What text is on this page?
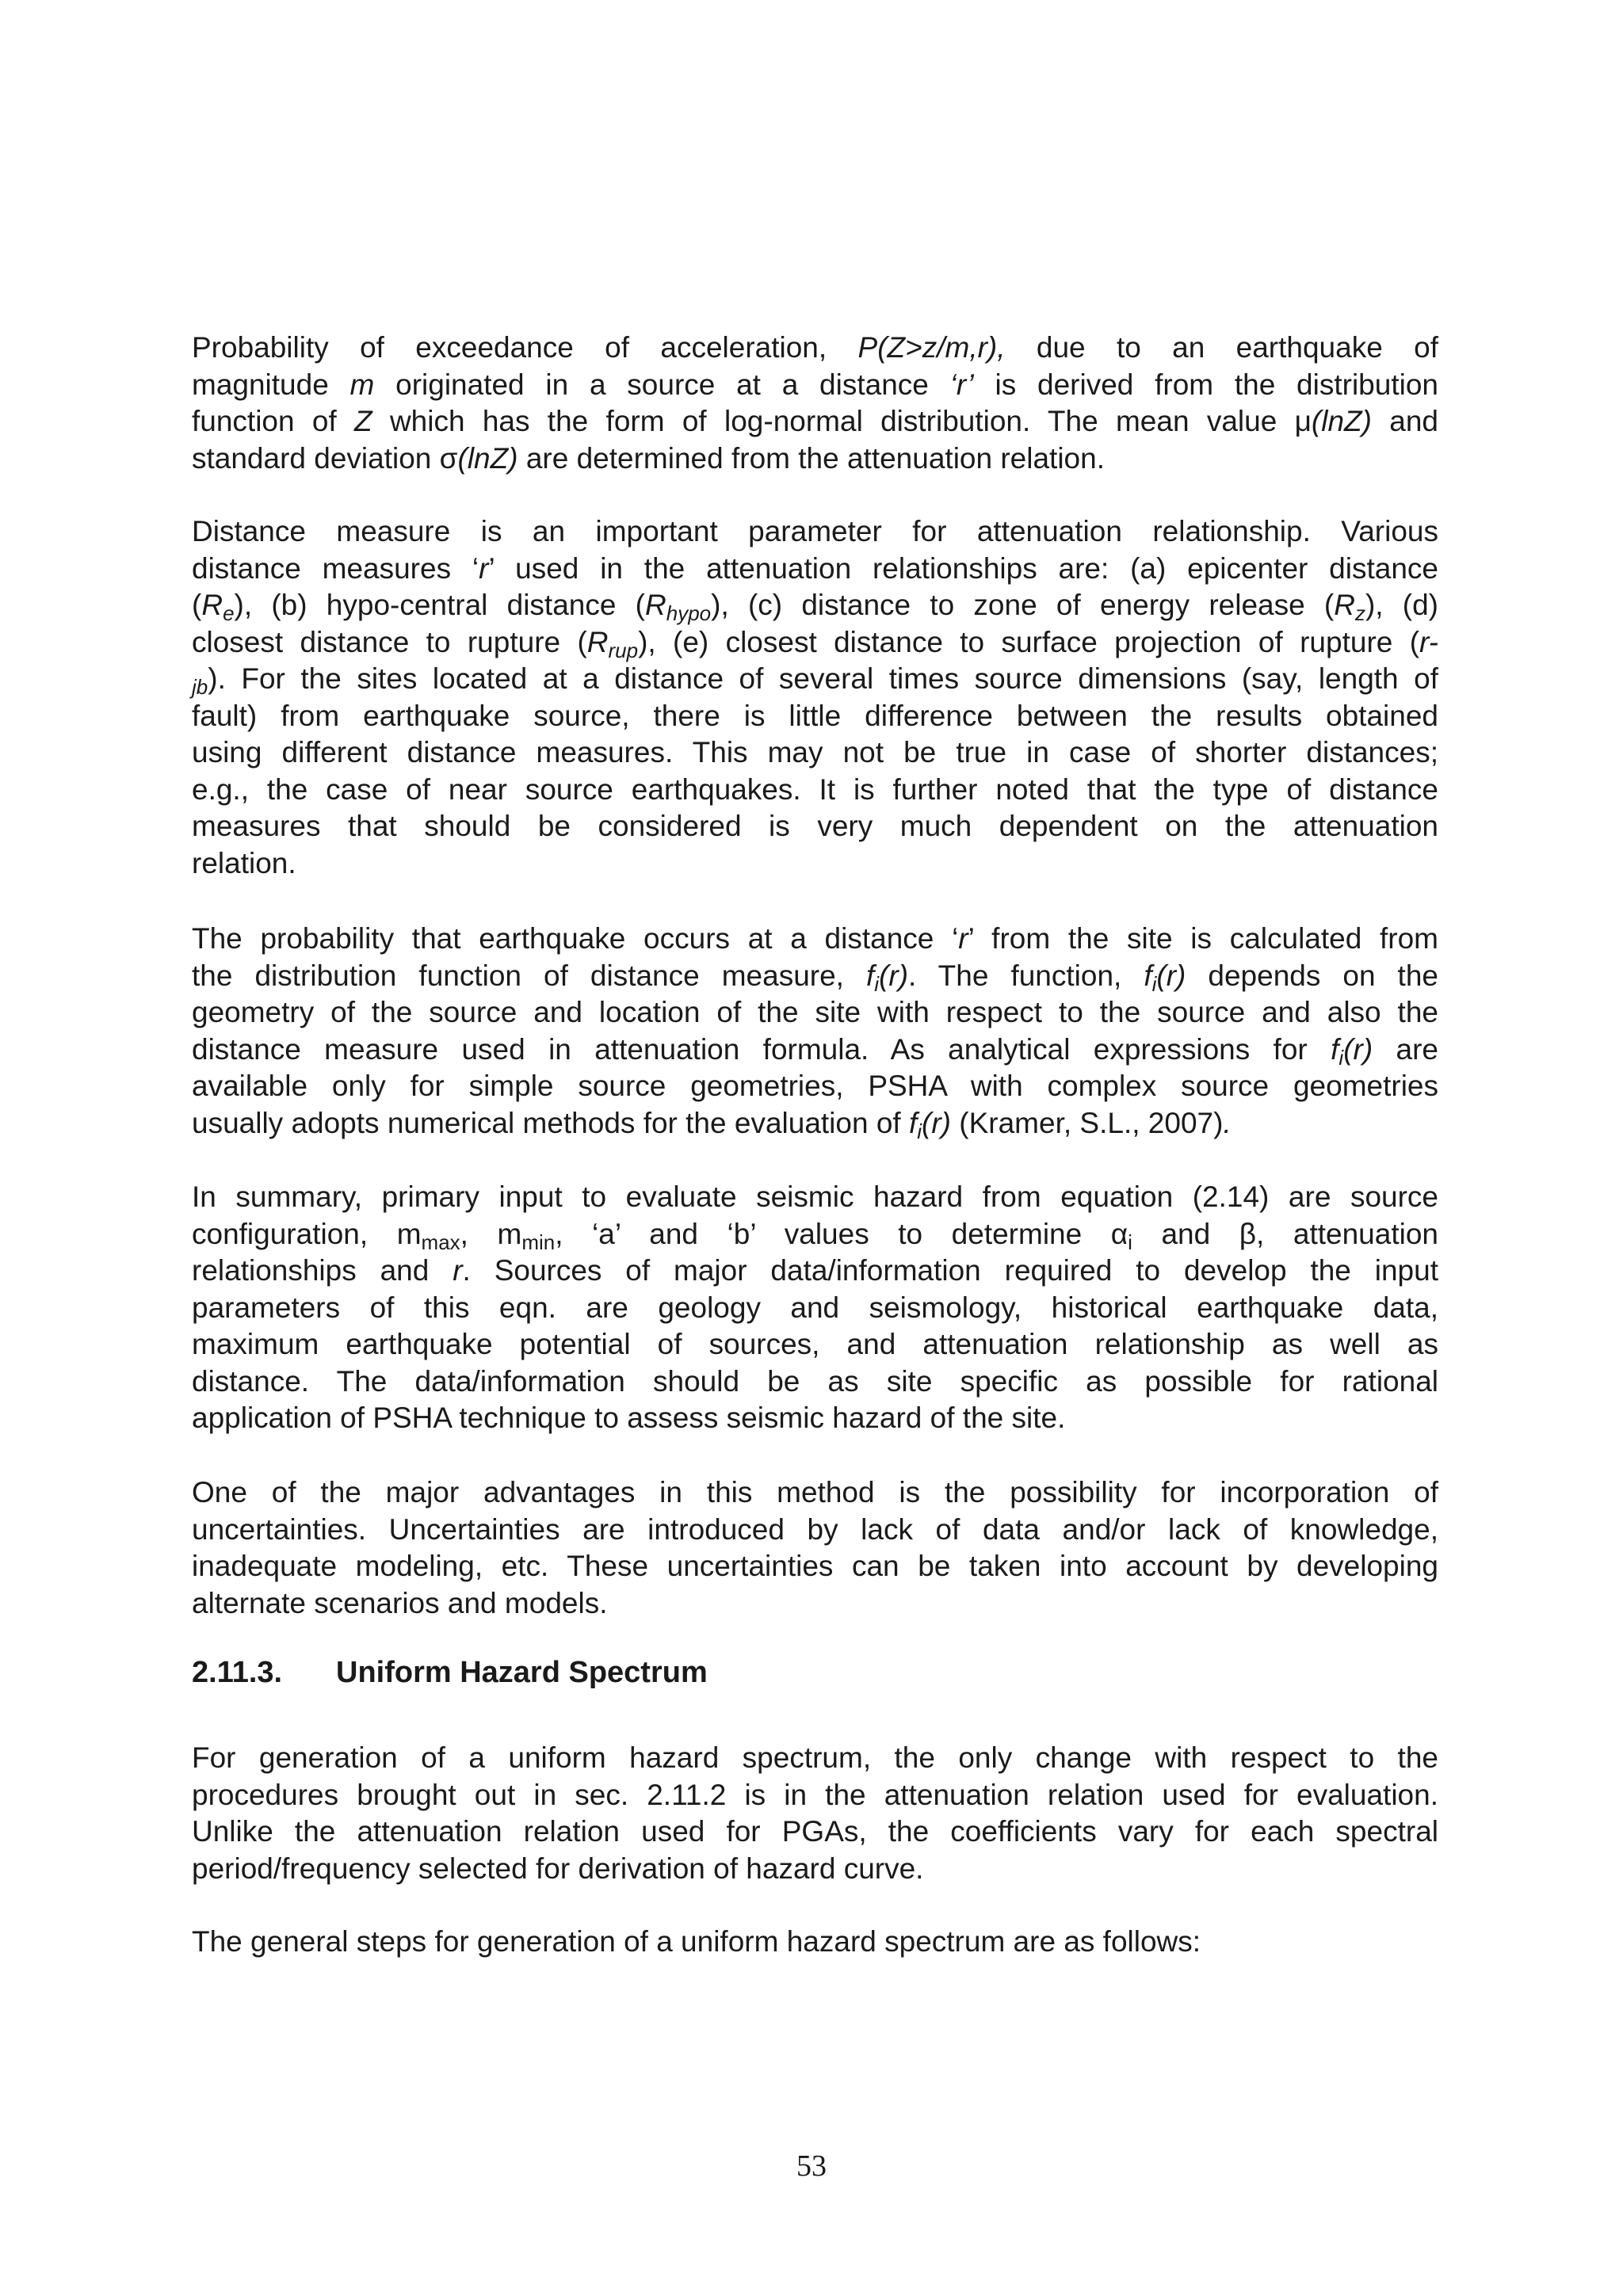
Probability of exceedance of acceleration, P(Z>z/m,r), due to an earthquake of
magnitude m originated in a source at a distance ‘r’ is derived from the distribution
function of Z which has the form of log-normal distribution. The mean value μ(lnZ) and
standard deviation σ(lnZ) are determined from the attenuation relation.
Distance measure is an important parameter for attenuation relationship. Various
distance measures ‘r’ used in the attenuation relationships are: (a) epicenter distance
$(R_e)$, (b) hypo-central distance $(R_{hypo})$, (c) distance to zone of energy release $(R_z)$, (d)
closest distance to rupture $(R_{rup})$, (e) closest distance to surface projection of rupture (r-
$_{jb}$). For the sites located at a distance of several times source dimensions (say, length of
fault) from earthquake source, there is little difference between the results obtained
using different distance measures. This may not be true in case of shorter distances;
e.g., the case of near source earthquakes. It is further noted that the type of distance
measures that should be considered is very much dependent on the attenuation
relation.
The probability that earthquake occurs at a distance ‘r’ from the site is calculated from
the distribution function of distance measure, $f_i(r)$. The function, $f_i(r)$ depends on the
geometry of the source and location of the site with respect to the source and also the
distance measure used in attenuation formula. As analytical expressions for $f_i(r)$ are
available only for simple source geometries, PSHA with complex source geometries
usually adopts numerical methods for the evaluation of $f_i(r)$ (Kramer, S.L., 2007).
In summary, primary input to evaluate seismic hazard from equation (2.14) are source
configuration, $m_{max}$, $m_{min}$, ‘a’ and ‘b’ values to determine $\alpha_i$ and β, attenuation
relationships and r. Sources of major data/information required to develop the input
parameters of this eqn. are geology and seismology, historical earthquake data,
maximum earthquake potential of sources, and attenuation relationship as well as
distance. The data/information should be as site specific as possible for rational
application of PSHA technique to assess seismic hazard of the site.
One of the major advantages in this method is the possibility for incorporation of
uncertainties. Uncertainties are introduced by lack of data and/or lack of knowledge,
inadequate modeling, etc. These uncertainties can be taken into account by developing
alternate scenarios and models.
2.11.3. Uniform Hazard Spectrum
For generation of a uniform hazard spectrum, the only change with respect to the
procedures brought out in sec. 2.11.2 is in the attenuation relation used for evaluation.
Unlike the attenuation relation used for PGAs, the coefficients vary for each spectral
period/frequency selected for derivation of hazard curve.
The general steps for generation of a uniform hazard spectrum are as follows:
53
